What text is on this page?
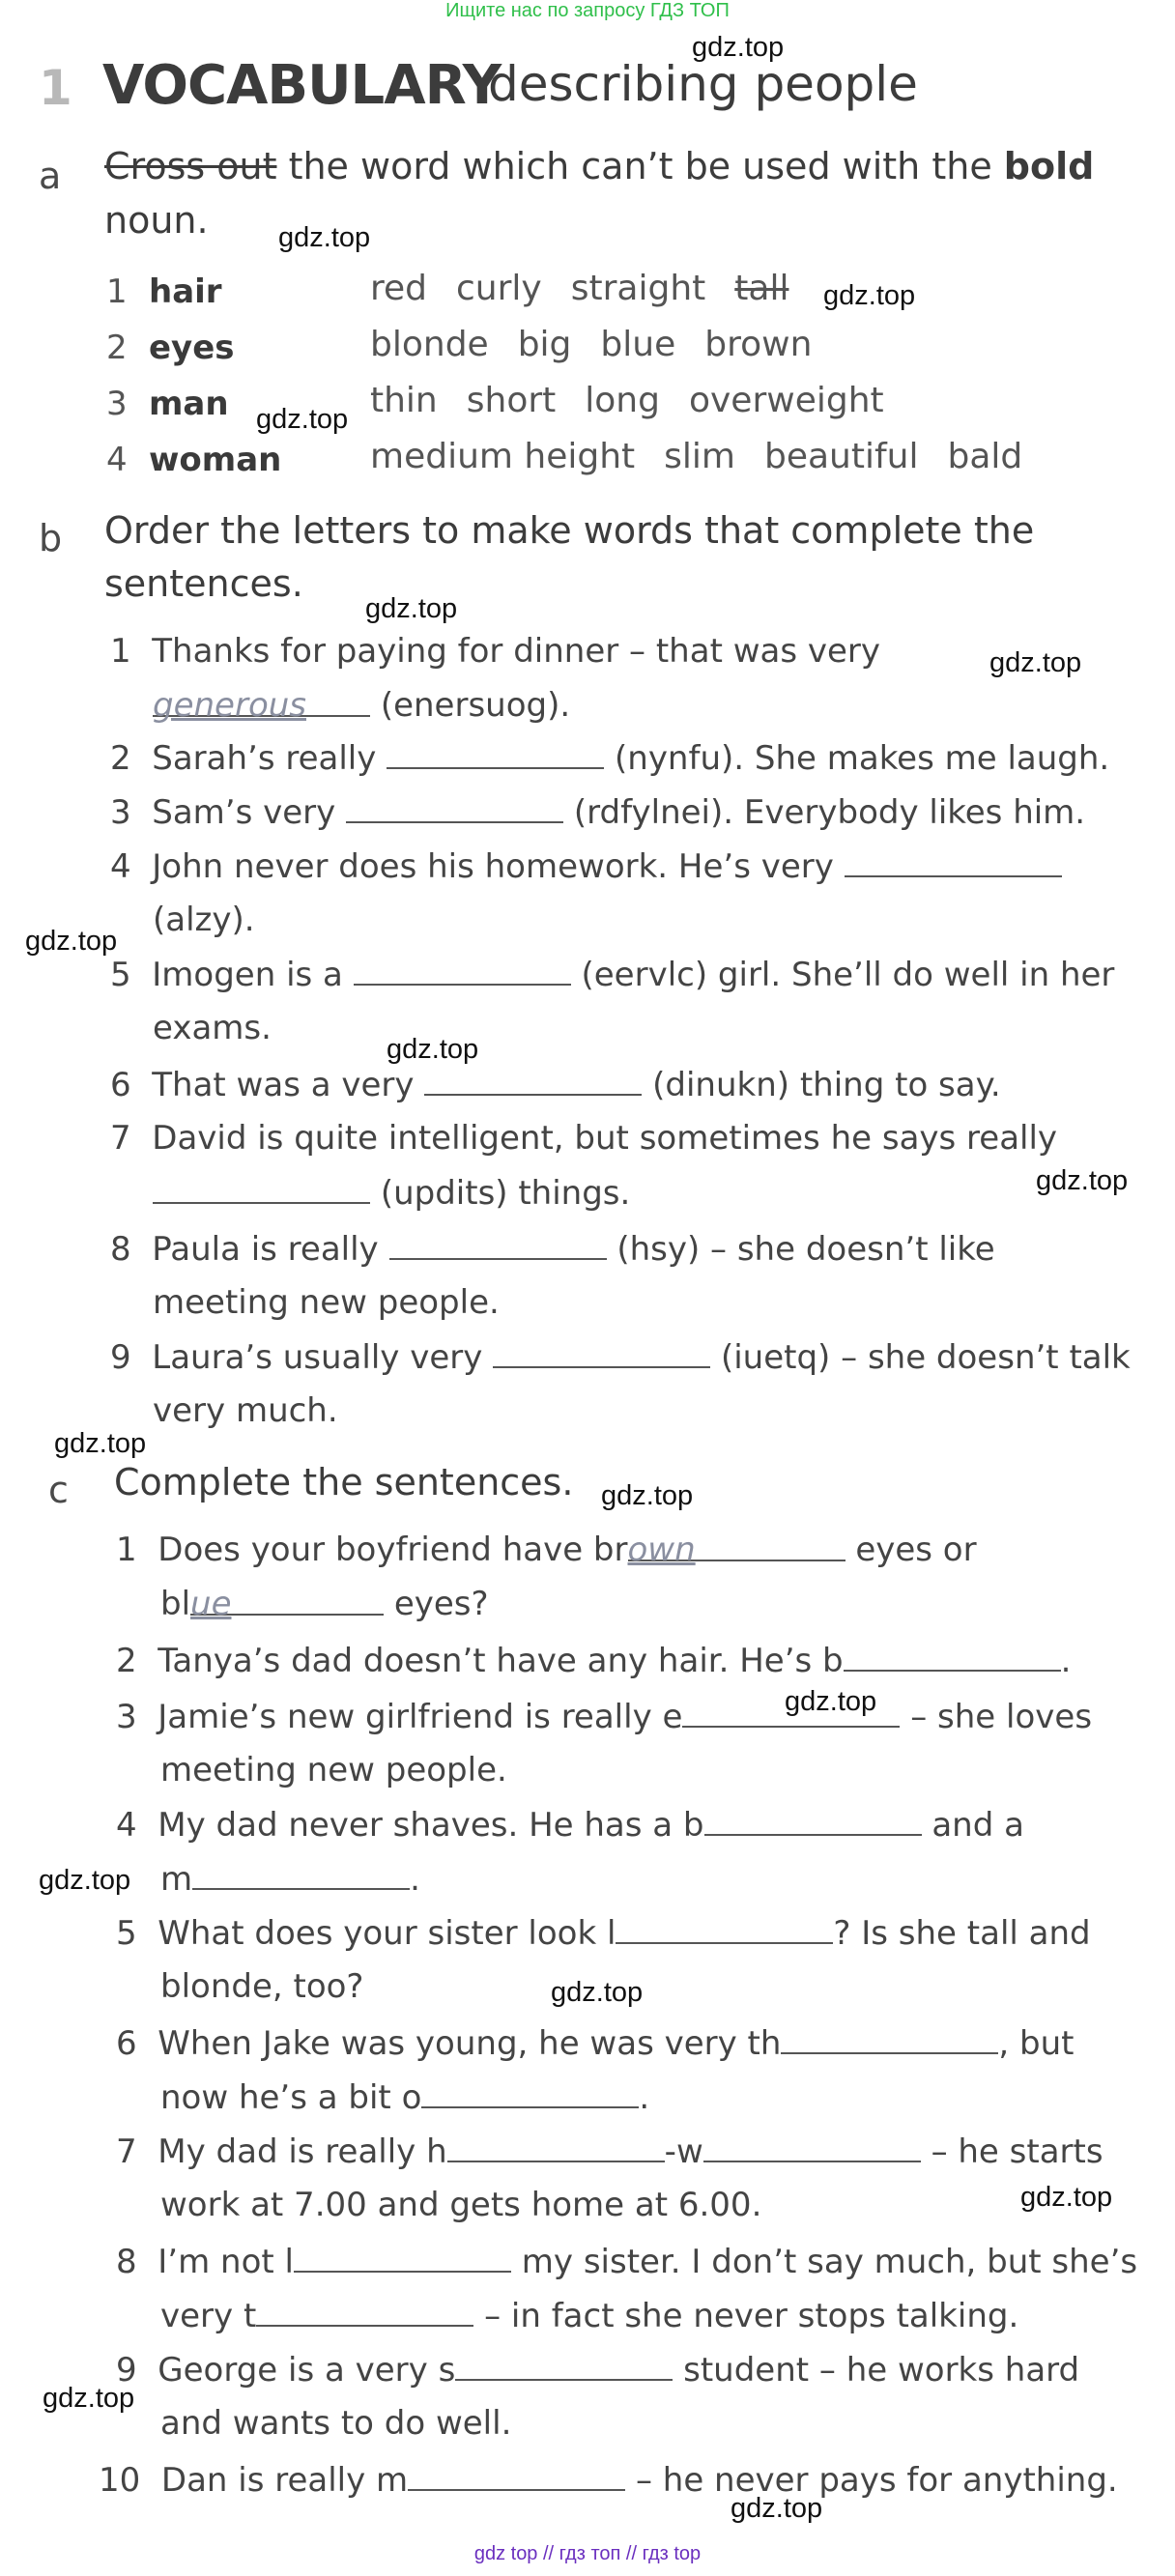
Ищите нас по запросу ГДЗ ТОП
1 VOCABULARY
describing people
a Cross out the word which can’t be used with the bold
noun.
1 hair	red curly straight tall
2 eyes	blonde big blue brown
3 man	thin short long overweight
4 woman	medium height slim beautiful bald
b Order the letters to make words that complete the
sentences.
1 Thanks for paying for dinner – that was very
generous (enersuog).
2 Sarah’s really	(nynfu). She makes me laugh.
3 Sam’s very	(rdfylnei). Everybody likes him.
4 John never does his homework. He’s very
(alzy).
5 Imogen is a	(eervlc) girl. She’ll do well in her
exams.
6 That was a very	(dinukn) thing to say.
7 David is quite intelligent, but sometimes he says really
(updits) things.
8 Paula is really	(hsy) – she doesn’t like
meeting new people.
9 Laura’s usually very	(iuetq) – she doesn’t talk
very much.
c Complete the sentences.
1 Does your boyfriend have brown	eyes or
blue	eyes?
2 Tanya’s dad doesn’t have any hair. He’s b	.
3 Jamie’s new girlfriend is really e	– she loves
meeting new people.
4 My dad never shaves. He has a b	and a
m	.
5 What does your sister look l	? Is she tall and
blonde, too?
6 When Jake was young, he was very th	, but
now he’s a bit o	.
7 My dad is really h	-w	– he starts
work at 7.00 and gets home at 6.00.
8 I’m not l	my sister. I don’t say much, but she’s
very t	– in fact she never stops talking.
9 George is a very s	student – he works hard
and wants to do well.
10 Dan is really m	– he never pays for anything.
gdz.top
gdz.top
gdz.top
gdz.top
gdz.top
gdz.top
gdz.top
gdz.top
gdz.top
gdz.top
gdz.top
gdz.top
gdz.top
gdz.top
gdz.top
gdz.top
gdz.top
gdz top // гдз топ // гдз top
